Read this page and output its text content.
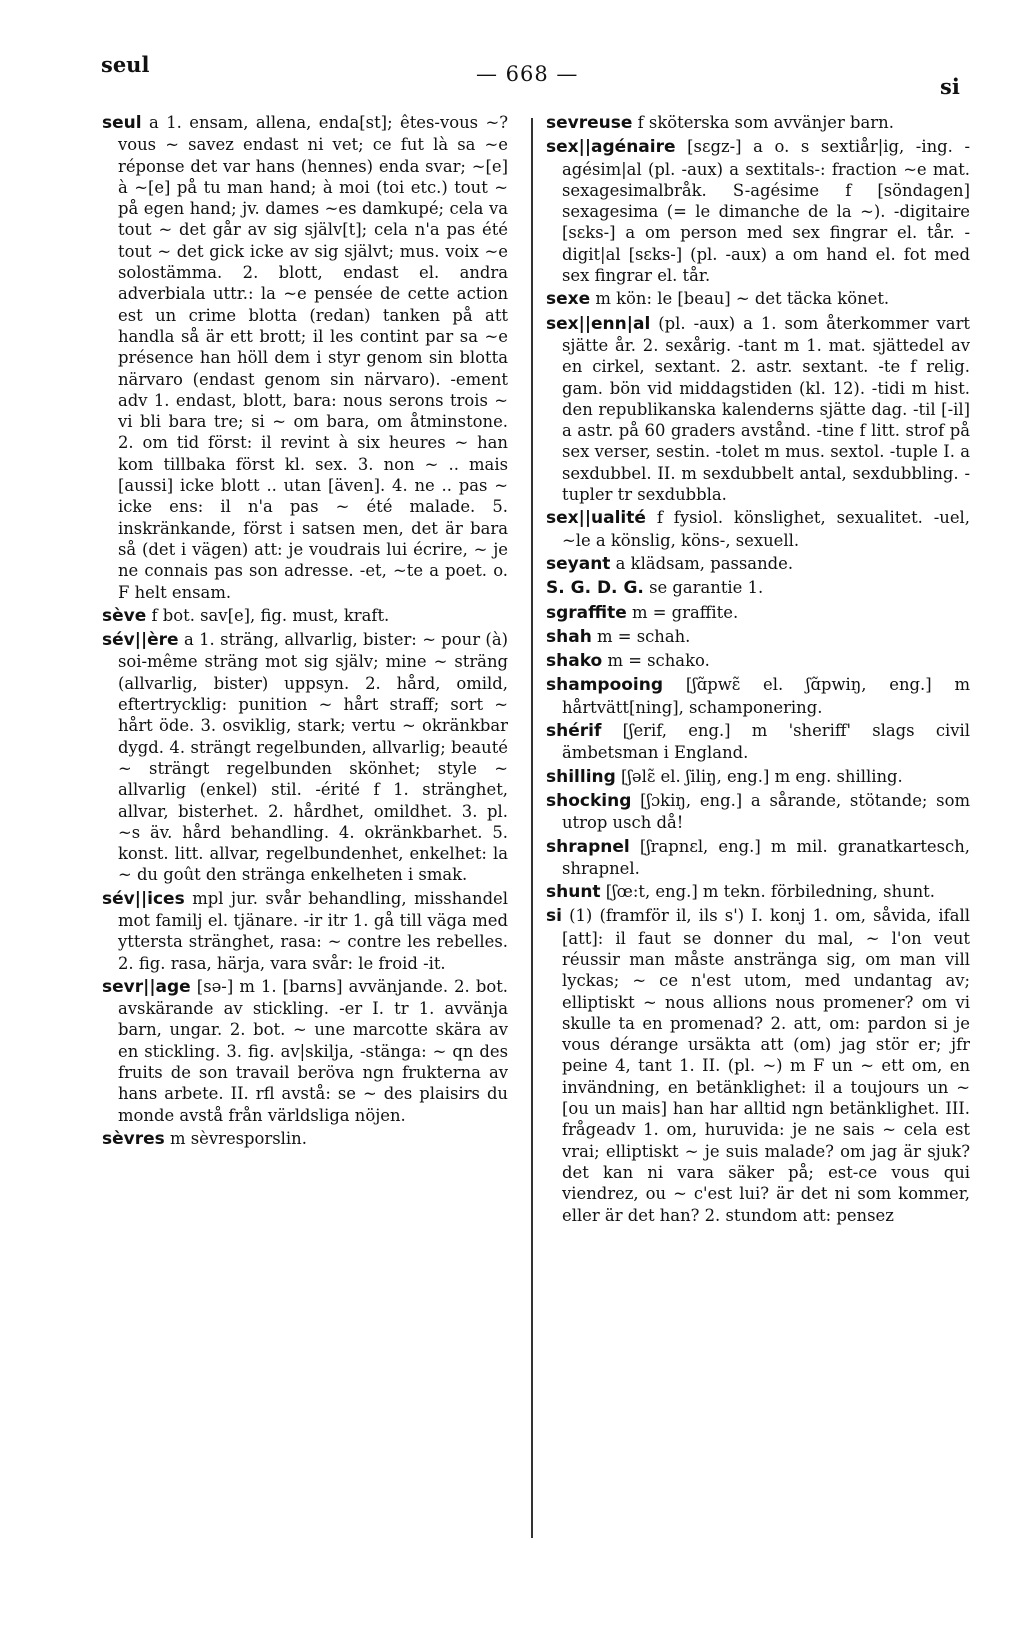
seul	— 668 —	si

seul a 1. ensam, allena, enda[st]; êtes-vous ~? vous ~ savez endast ni vet; ce fut là sa ~e réponse det var hans (hennes) enda svar; ~[e] à ~[e] på tu man hand; à moi (toi etc.) tout ~ på egen hand; jv. dames ~es damkupé; cela va tout ~ det går av sig själv[t]; cela n'a pas été tout ~ det gick icke av sig självt; mus. voix ~e solostämma. 2. blott, endast el. andra adverbiala uttr.: la ~e pensée de cette action est un crime blotta (redan) tanken på att handla så är ett brott; il les contint par sa ~e présence han höll dem i styr genom sin blotta närvaro (endast genom sin närvaro). -ement adv 1. endast, blott, bara: nous serons trois ~ vi bli bara tre; si ~ om bara, om åtminstone. 2. om tid först: il revint à six heures ~ han kom tillbaka först kl. sex. 3. non ~ .. mais [aussi] icke blott .. utan [även]. 4. ne .. pas ~ icke ens: il n'a pas ~ été malade. 5. inskränkande, först i satsen men, det är bara så (det i vägen) att: je voudrais lui écrire, ~ je ne connais pas son adresse. -et, ~te a poet. o. F helt ensam.

sève f bot. sav[e], fig. must, kraft.

sév||ère a 1. sträng, allvarlig, bister: ~ pour (à) soi-même sträng mot sig själv; mine ~ sträng (allvarlig, bister) uppsyn. 2. hård, omild, eftertrycklig: punition ~ hårt straff; sort ~ hårt öde. 3. osviklig, stark; vertu ~ okränkbar dygd. 4. strängt regelbunden, allvarlig; beauté ~ strängt regelbunden skönhet; style ~ allvarlig (enkel) stil. -érité f 1. stränghet, allvar, bisterhet. 2. hårdhet, omildhet. 3. pl. ~s äv. hård behandling. 4. okränkbarhet. 5. konst. litt. allvar, regelbundenhet, enkelhet: la ~ du goût den stränga enkelheten i smak.

sév||ices mpl jur. svår behandling, misshandel mot familj el. tjänare. -ir itr 1. gå till väga med yttersta stränghet, rasa: ~ contre les rebelles. 2. fig. rasa, härja, vara svår: le froid -it.

sevr||age [sə-] m 1. [barns] avvänjande. 2. bot. avskärande av stickling. -er I. tr 1. avvänja barn, ungar. 2. bot. ~ une marcotte skära av en stickling. 3. fig. av|skilja, -stänga: ~ qn des fruits de son travail beröva ngn frukterna av hans arbete. II. rfl avstå: se ~ des plaisirs du monde avstå från världsliga nöjen.

sèvres m sèvresporslin.

sevreuse f sköterska som avvänjer barn.

sex||agénaire [sɛgz-] a o. s sextiår|ig, -ing. -agésim|al (pl. -aux) a sextitals-: fraction ~e mat. sexagesimalbråk. S-agésime f [söndagen] sexagesima (= le dimanche de la ~). -digitaire [sɛks-] a om person med sex fingrar el. tår. -digit|al [sɛks-] (pl. -aux) a om hand el. fot med sex fingrar el. tår.

sexe m kön: le [beau] ~ det täcka könet.

sex||enn|al (pl. -aux) a 1. som återkommer vart sjätte år. 2. sexårig. -tant m 1. mat. sjättedel av en cirkel, sextant. 2. astr. sextant. -te f relig. gam. bön vid middagstiden (kl. 12). -tidi m hist. den republikanska kalenderns sjätte dag. -til [-il] a astr. på 60 graders avstånd. -tine f litt. strof på sex verser, sestin. -tolet m mus. sextol. -tuple I. a sexdubbel. II. m sexdubbelt antal, sexdubbling. -tupler tr sexdubbla.

sex||ualité f fysiol. könslighet, sexualitet. -uel, ~le a könslig, köns-, sexuell.

seyant a klädsam, passande.

S. G. D. G. se garantie 1.

sgraffite m = graffite.

shah m = schah.

shako m = schako.

shampooing [ʃɑ̃pwɛ̃ el. ʃɑ̃pwiŋ, eng.] m hårtvätt[ning], schamponering.

shérif [ʃerif, eng.] m 'sheriff' slags civil ämbetsman i England.

shilling [ʃəlɛ̃ el. ʃiliŋ, eng.] m eng. shilling.

shocking [ʃɔkiŋ, eng.] a sårande, stötande; som utrop usch då!

shrapnel [ʃrapnɛl, eng.] m mil. granatkartesch, shrapnel.

shunt [ʃœ:t, eng.] m tekn. förbiledning, shunt.

si (1) (framför il, ils s') I. konj 1. om, såvida, ifall [att]: il faut se donner du mal, ~ l'on veut réussir man måste anstränga sig, om man vill lyckas; ~ ce n'est utom, med undantag av; elliptiskt ~ nous allions nous promener? om vi skulle ta en promenad? 2. att, om: pardon si je vous dérange ursäkta att (om) jag stör er; jfr peine 4, tant 1. II. (pl. ~) m F un ~ ett om, en invändning, en betänklighet: il a toujours un ~ [ou un mais] han har alltid ngn betänklighet. III. frågeadv 1. om, huruvida: je ne sais ~ cela est vrai; elliptiskt ~ je suis malade? om jag är sjuk? det kan ni vara säker på; est-ce vous qui viendrez, ou ~ c'est lui? är det ni som kommer, eller är det han? 2. stundom att: pensez
